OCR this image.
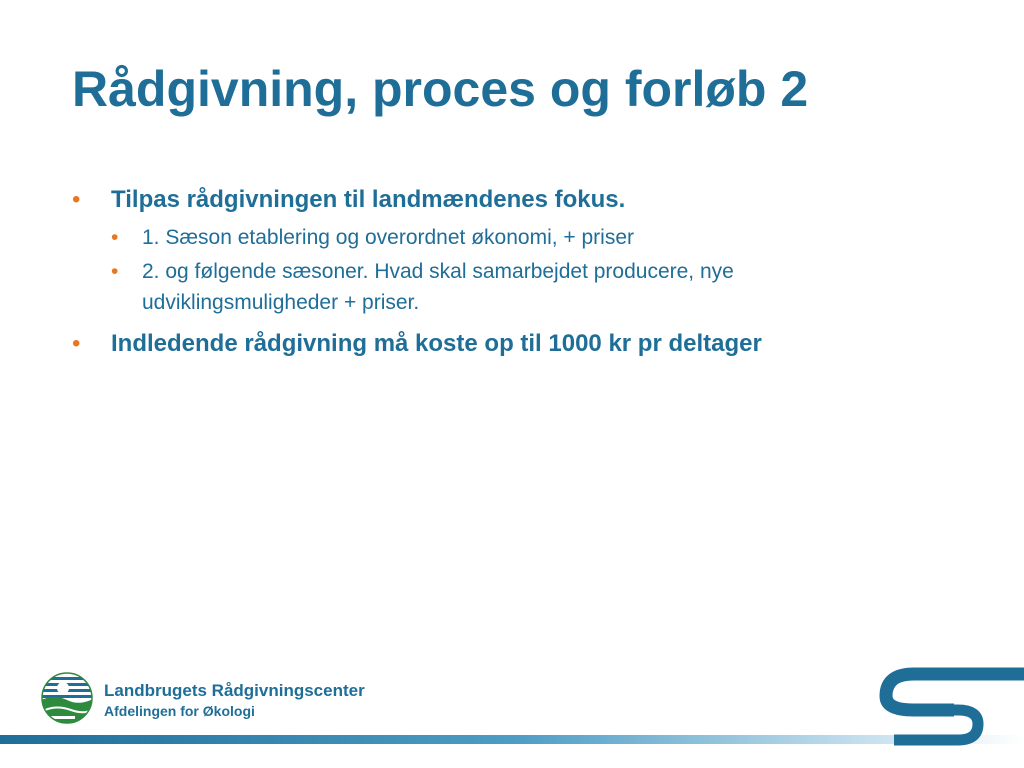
Rådgivning, proces og forløb 2
• Tilpas rådgivningen til landmændenes fokus.
• 1. Sæson etablering og overordnet økonomi, + priser
• 2. og følgende sæsoner. Hvad skal samarbejdet producere, nye udviklingsmuligheder + priser.
• Indledende rådgivning må koste op til 1000 kr pr deltager
Landbrugets Rådgivningscenter
Afdelingen for Økologi
